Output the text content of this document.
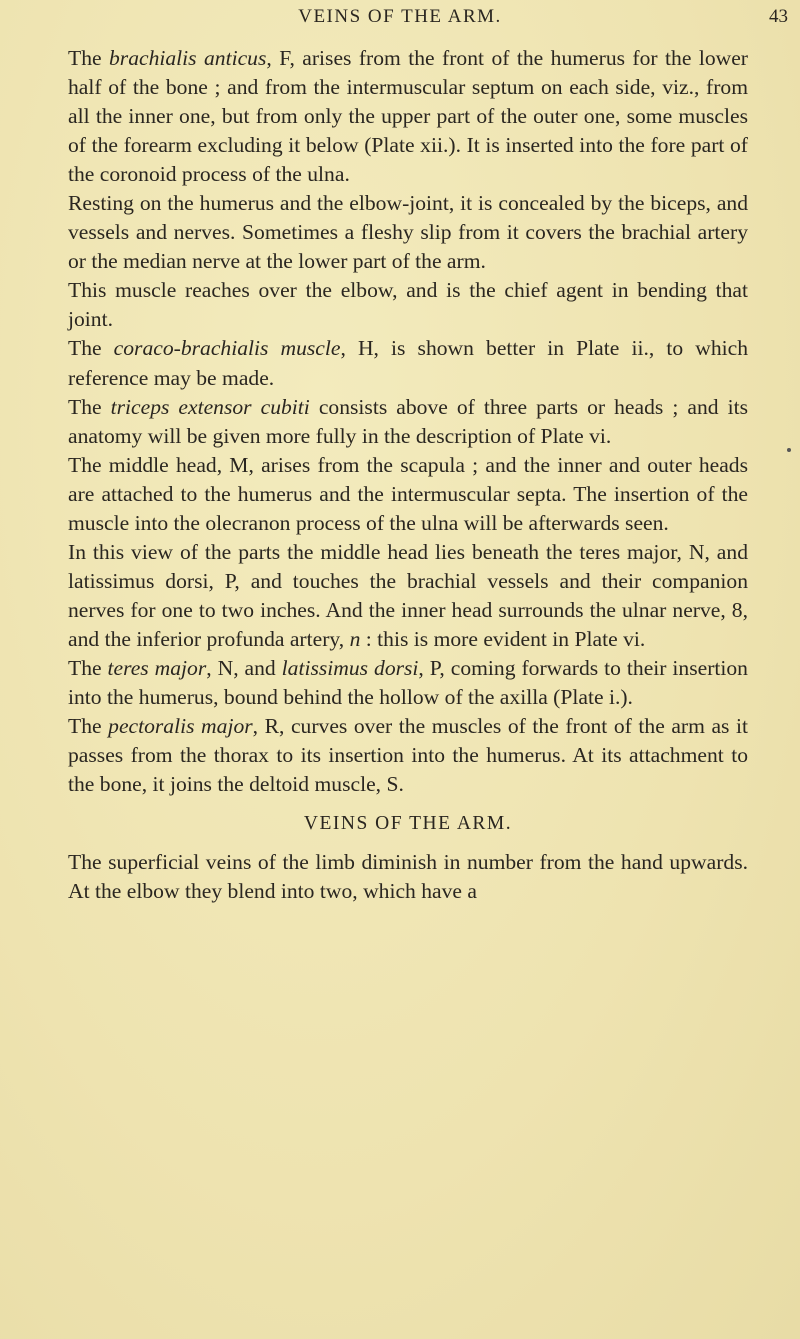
VEINS OF THE ARM.	43

The brachialis anticus, F, arises from the front of the humerus for the lower half of the bone ; and from the intermuscular septum on each side, viz., from all the inner one, but from only the upper part of the outer one, some muscles of the forearm excluding it below (Plate xii.). It is inserted into the fore part of the coronoid process of the ulna.

Resting on the humerus and the elbow-joint, it is concealed by the biceps, and vessels and nerves. Sometimes a fleshy slip from it covers the brachial artery or the median nerve at the lower part of the arm.

This muscle reaches over the elbow, and is the chief agent in bending that joint.

The coraco-brachialis muscle, H, is shown better in Plate ii., to which reference may be made.

The triceps extensor cubiti consists above of three parts or heads ; and its anatomy will be given more fully in the description of Plate vi.

The middle head, M, arises from the scapula ; and the inner and outer heads are attached to the humerus and the intermuscular septa. The insertion of the muscle into the olecranon process of the ulna will be afterwards seen.

In this view of the parts the middle head lies beneath the teres major, N, and latissimus dorsi, P, and touches the brachial vessels and their companion nerves for one to two inches. And the inner head surrounds the ulnar nerve, 8, and the inferior profunda artery, n : this is more evident in Plate vi.

The teres major, N, and latissimus dorsi, P, coming forwards to their insertion into the humerus, bound behind the hollow of the axilla (Plate i.).

The pectoralis major, R, curves over the muscles of the front of the arm as it passes from the thorax to its insertion into the humerus. At its attachment to the bone, it joins the deltoid muscle, S.

VEINS OF THE ARM.

The superficial veins of the limb diminish in number from the hand upwards. At the elbow they blend into two, which have a
